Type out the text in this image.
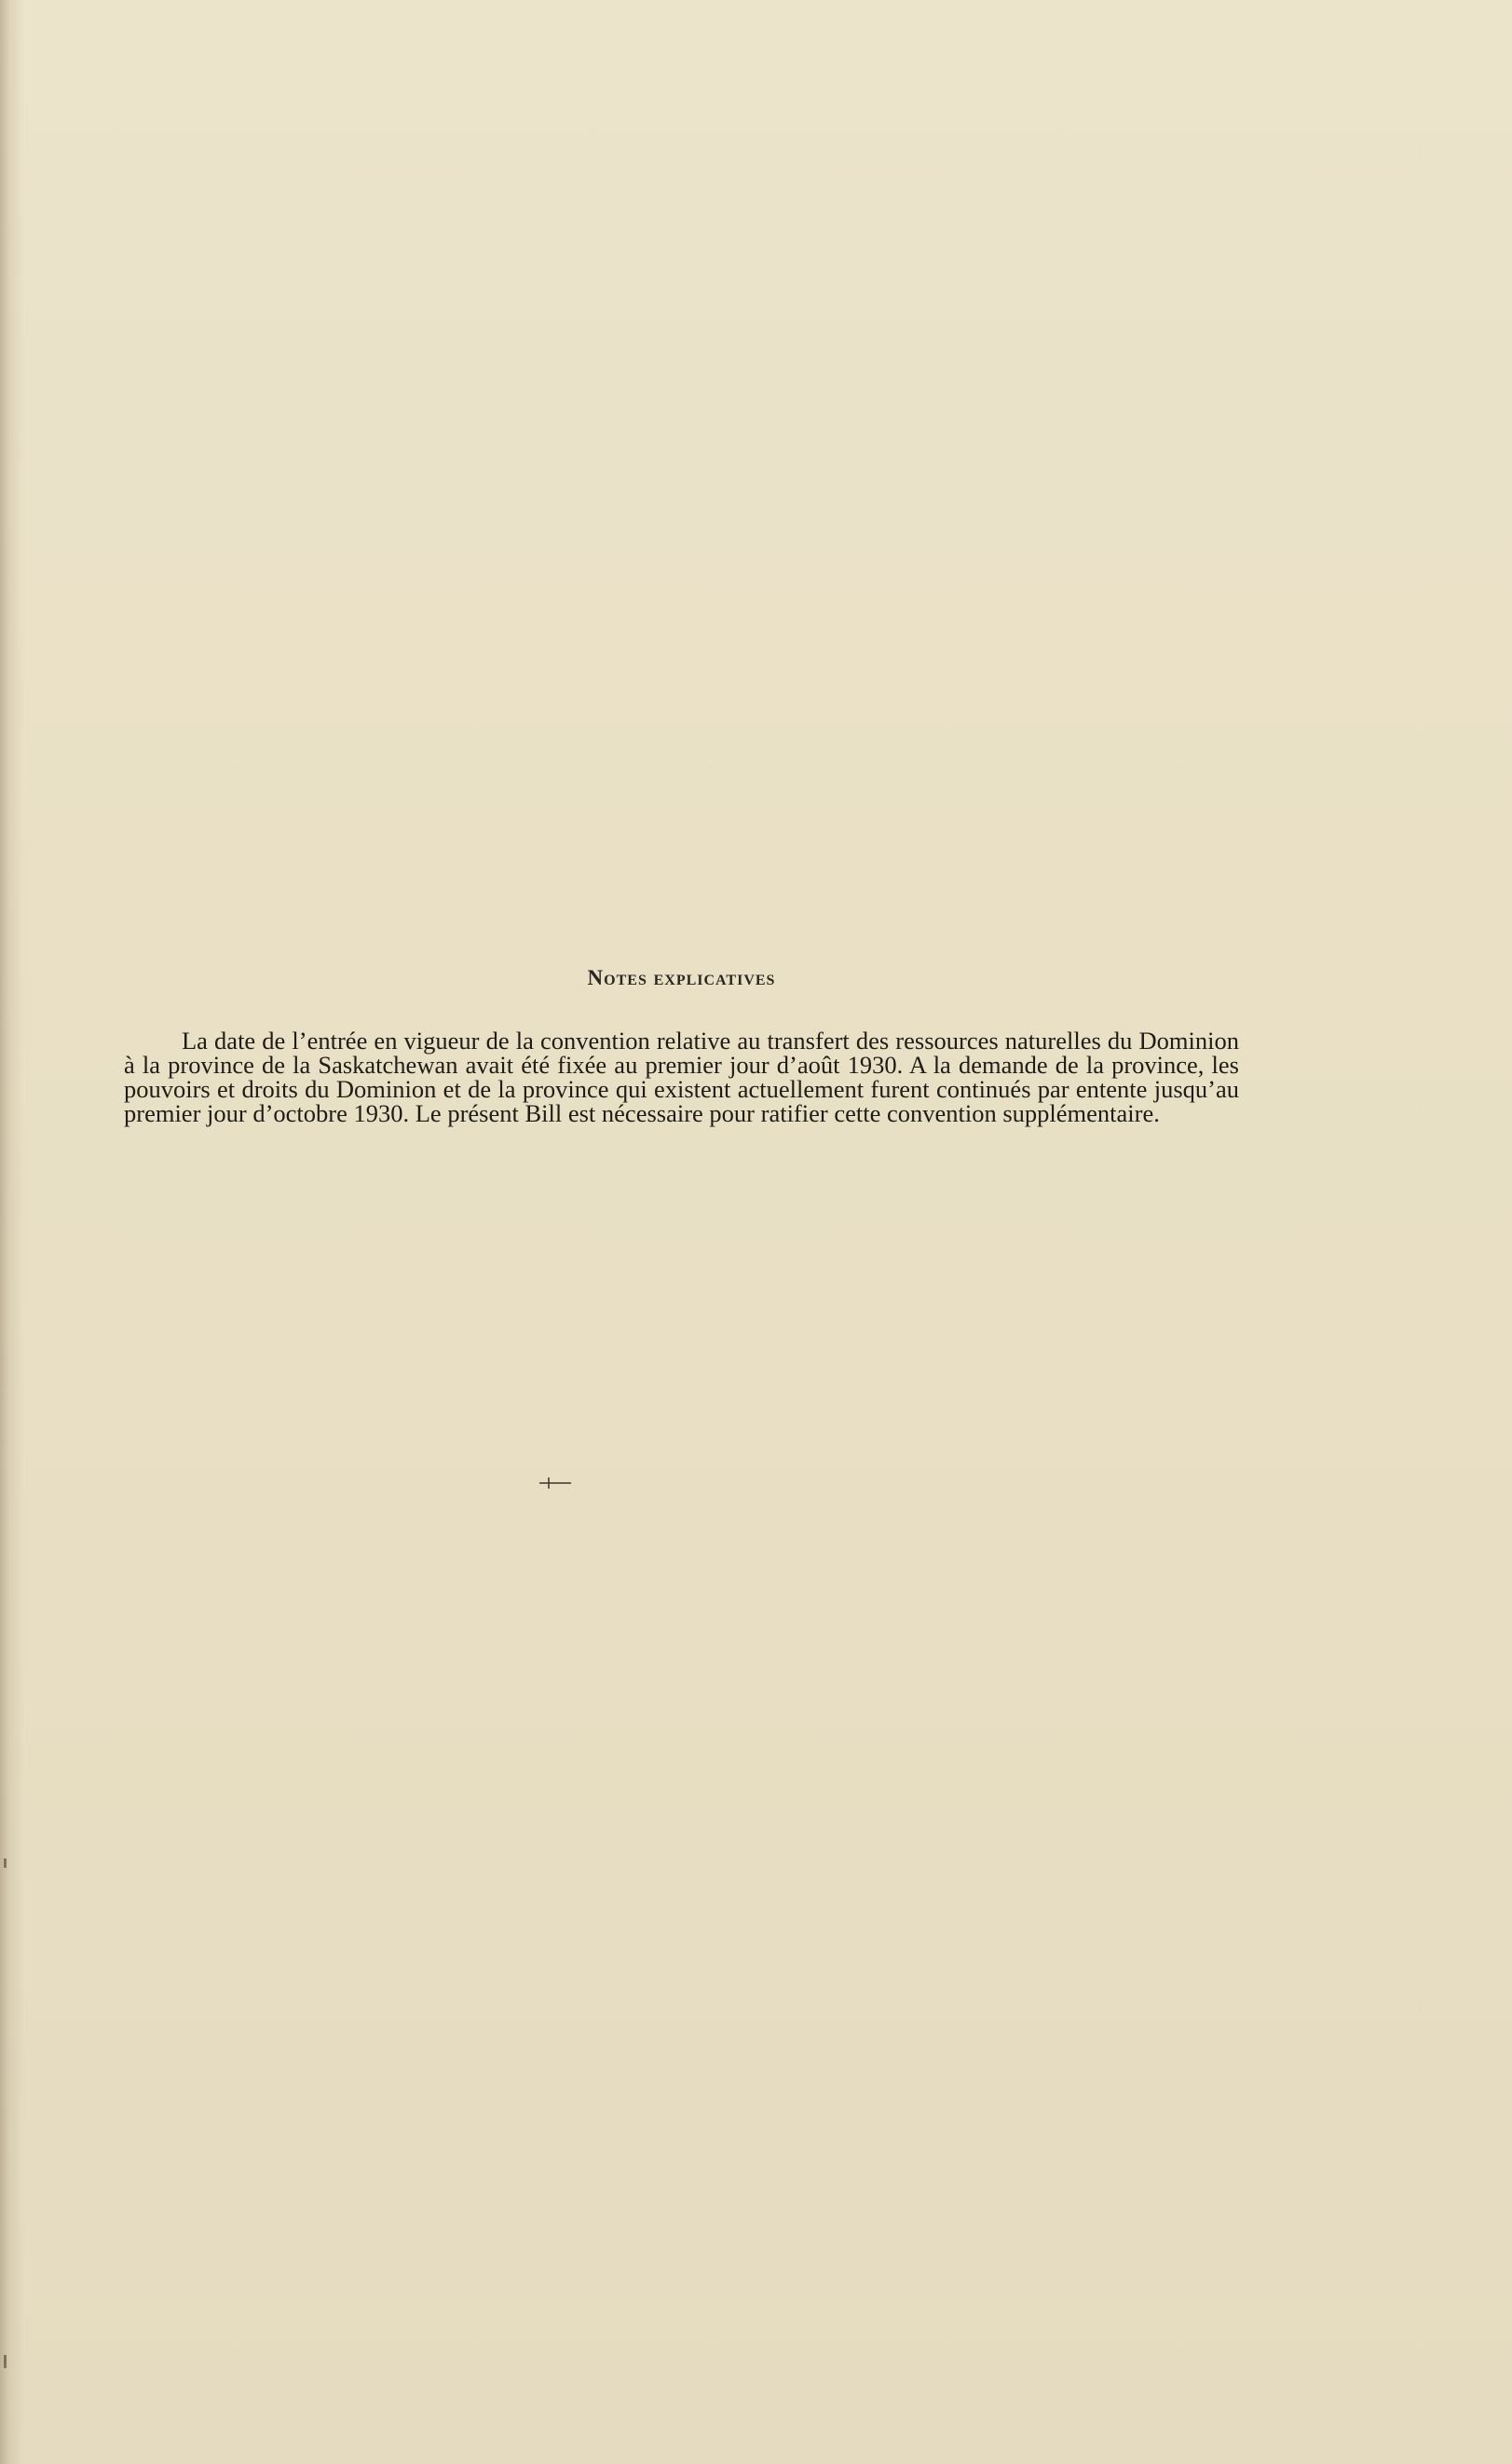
Notes explicatives

La date de l’entrée en vigueur de la convention relative au transfert des ressources naturelles du Dominion à la province de la Saskatchewan avait été fixée au premier jour d’août 1930. A la demande de la province, les pouvoirs et droits du Dominion et de la province qui existent actuellement furent continués par entente jusqu’au premier jour d’octobre 1930. Le présent Bill est nécessaire pour ratifier cette convention supplémentaire.
